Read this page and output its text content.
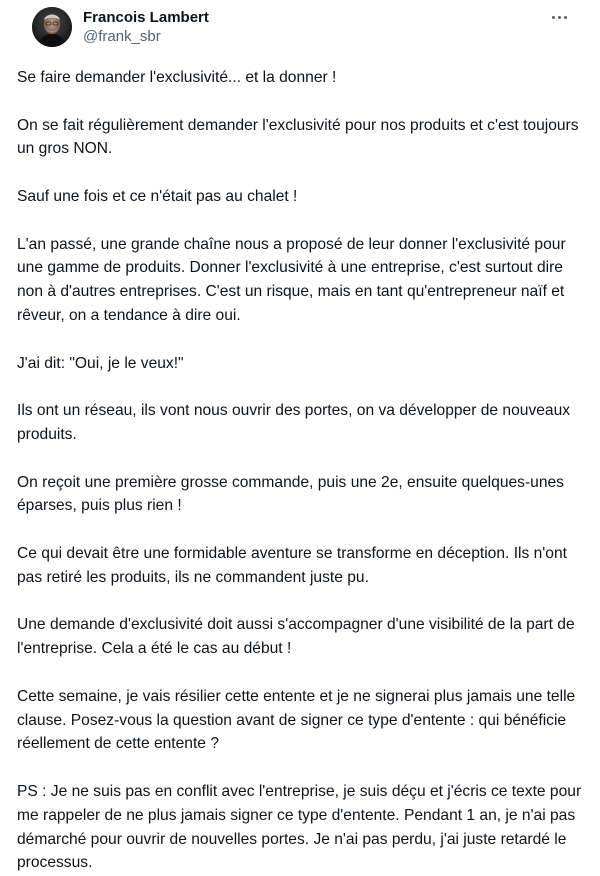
Francois Lambert
@frank_sbr

Se faire demander l'exclusivité... et la donner !

On se fait régulièrement demander l'exclusivité pour nos produits et c'est toujours un gros NON.

Sauf une fois et ce n'était pas au chalet !

L'an passé, une grande chaîne nous a proposé de leur donner l'exclusivité pour une gamme de produits. Donner l'exclusivité à une entreprise, c'est surtout dire non à d'autres entreprises. C'est un risque, mais en tant qu'entrepreneur naïf et rêveur, on a tendance à dire oui.

J'ai dit: "Oui, je le veux!"

Ils ont un réseau, ils vont nous ouvrir des portes, on va développer de nouveaux produits.

On reçoit une première grosse commande, puis une 2e, ensuite quelques-unes éparses, puis plus rien !

Ce qui devait être une formidable aventure se transforme en déception. Ils n'ont pas retiré les produits, ils ne commandent juste pu.

Une demande d'exclusivité doit aussi s'accompagner d'une visibilité de la part de l'entreprise. Cela a été le cas au début !

Cette semaine, je vais résilier cette entente et je ne signerai plus jamais une telle clause. Posez-vous la question avant de signer ce type d'entente : qui bénéficie réellement de cette entente ?

PS : Je ne suis pas en conflit avec l'entreprise, je suis déçu et j'écris ce texte pour me rappeler de ne plus jamais signer ce type d'entente. Pendant 1 an, je n'ai pas démarché pour ouvrir de nouvelles portes. Je n'ai pas perdu, j'ai juste retardé le processus.
